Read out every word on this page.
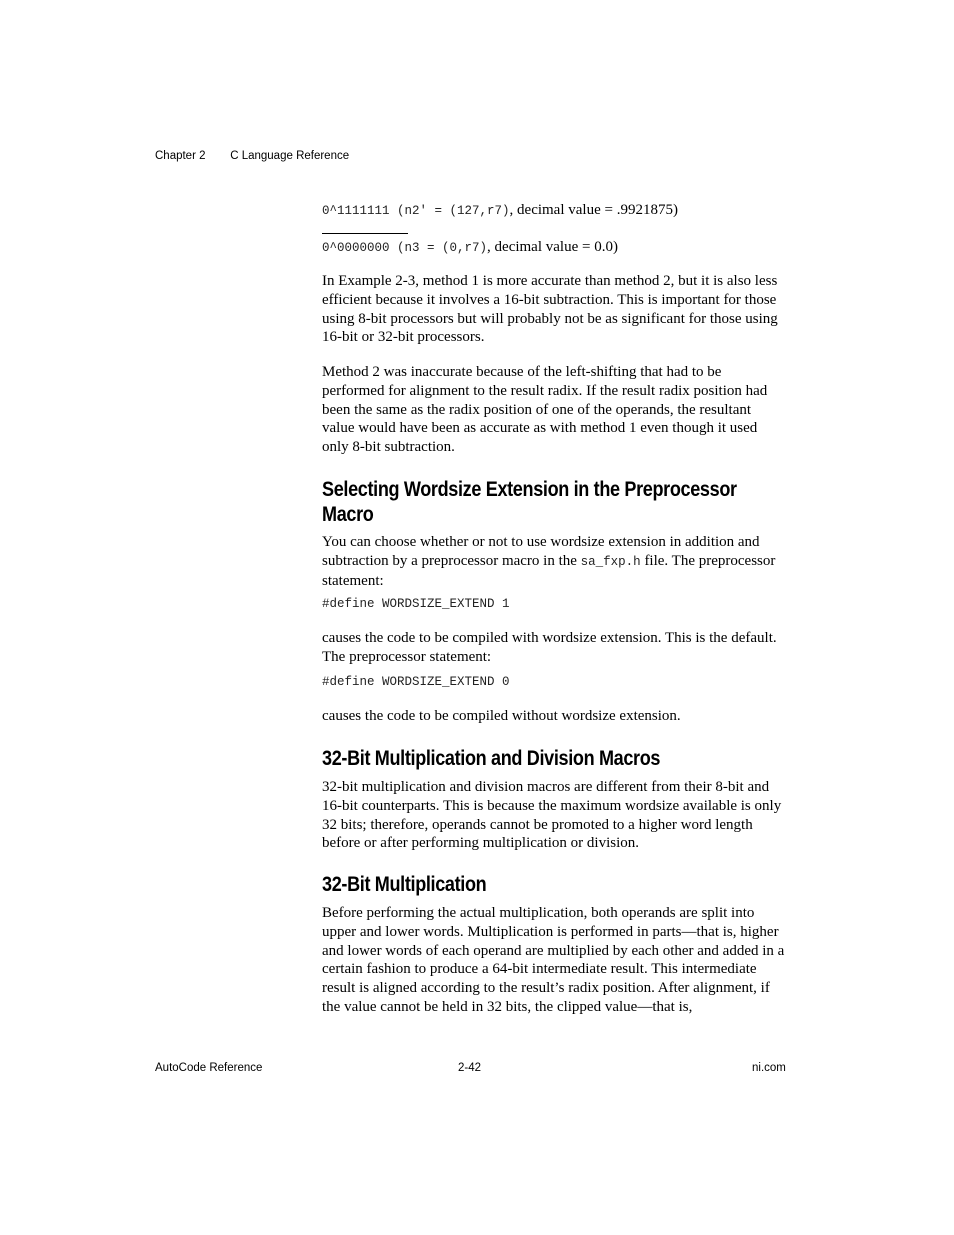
Chapter 2 C Language Reference
0^1111111 (n2' = (127,r7), decimal value = .9921875)
0^0000000 (n3 = (0,r7), decimal value = 0.0)

In Example 2-3, method 1 is more accurate than method 2, but it is also less efficient because it involves a 16-bit subtraction. This is important for those using 8-bit processors but will probably not be as significant for those using 16-bit or 32-bit processors.

Method 2 was inaccurate because of the left-shifting that had to be performed for alignment to the result radix. If the result radix position had been the same as the radix position of one of the operands, the resultant value would have been as accurate as with method 1 even though it used only 8-bit subtraction.

Selecting Wordsize Extension in the Preprocessor
Macro

You can choose whether or not to use wordsize extension in addition and subtraction by a preprocessor macro in the sa_fxp.h file. The preprocessor statement:

#define WORDSIZE_EXTEND 1

causes the code to be compiled with wordsize extension. This is the default. The preprocessor statement:

#define WORDSIZE_EXTEND 0

causes the code to be compiled without wordsize extension.

32-Bit Multiplication and Division Macros

32-bit multiplication and division macros are different from their 8-bit and 16-bit counterparts. This is because the maximum wordsize available is only 32 bits; therefore, operands cannot be promoted to a higher word length before or after performing multiplication or division.

32-Bit Multiplication

Before performing the actual multiplication, both operands are split into upper and lower words. Multiplication is performed in parts—that is, higher and lower words of each operand are multiplied by each other and added in a certain fashion to produce a 64-bit intermediate result. This intermediate result is aligned according to the result’s radix position. After alignment, if the value cannot be held in 32 bits, the clipped value—that is,

AutoCode Reference	2-42	ni.com
